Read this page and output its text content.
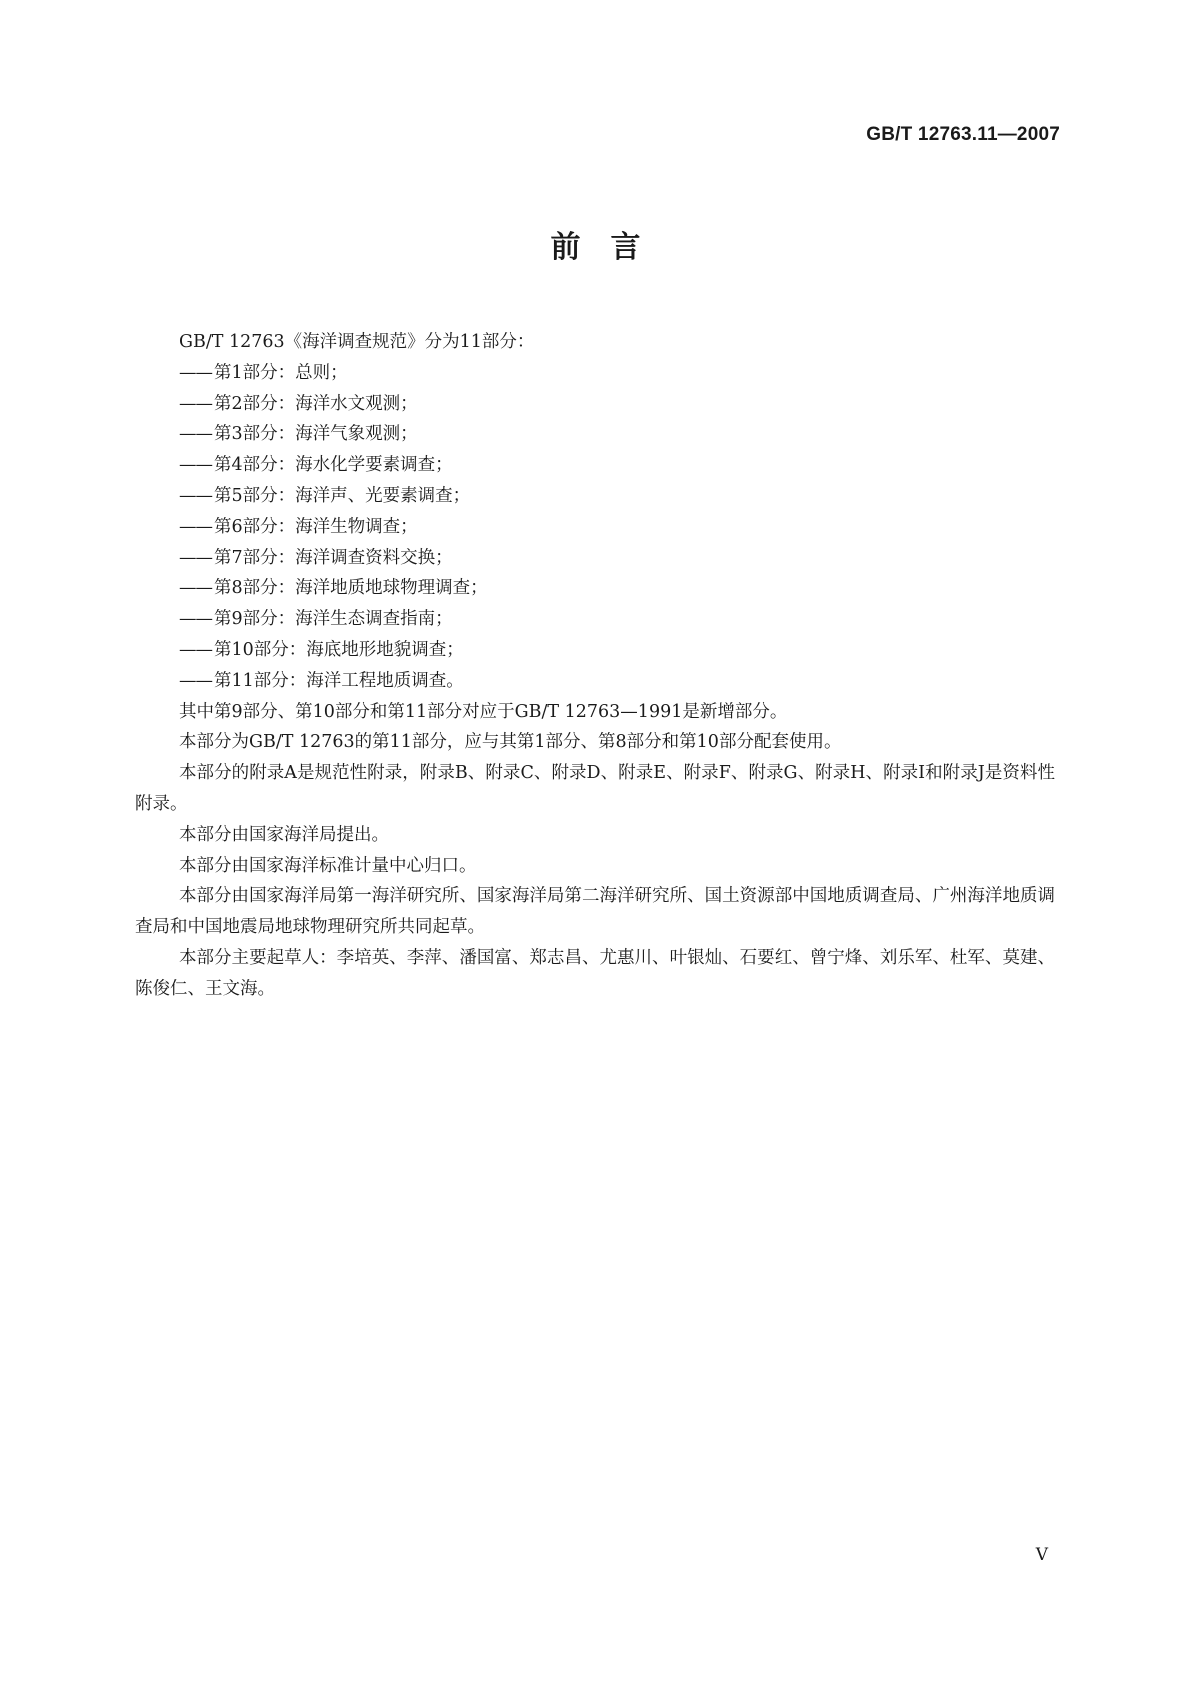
GB/T 12763.11—2007
前言

GB/T 12763《海洋调查规范》分为11部分：

—— 第1部分：总则；

—— 第2部分：海洋水文观测；

—— 第3部分：海洋气象观测；

—— 第4部分：海水化学要素调查；

—— 第5部分：海洋声、光要素调查；

—— 第6部分：海洋生物调查；

—— 第7部分：海洋调查资料交换；

—— 第8部分：海洋地质地球物理调查；

—— 第9部分：海洋生态调查指南；

—— 第10部分：海底地形地貌调查；

—— 第11部分：海洋工程地质调查。

其中第9部分、第10部分和第11部分对应于GB/T 12763—1991是新增部分。

本部分为GB/T 12763的第11部分，应与其第1部分、第8部分和第10部分配套使用。

本部分的附录A是规范性附录，附录B、附录C、附录D、附录E、附录F、附录G、附录H、附录I和附录J是资料性附录。

本部分由国家海洋局提出。

本部分由国家海洋标准计量中心归口。

本部分由国家海洋局第一海洋研究所、国家海洋局第二海洋研究所、国土资源部中国地质调查局、广州海洋地质调查局和中国地震局地球物理研究所共同起草。

本部分主要起草人：李培英、李萍、潘国富、郑志昌、尤惠川、叶银灿、石要红、曾宁烽、刘乐军、杜军、莫建、陈俊仁、王文海。

V
